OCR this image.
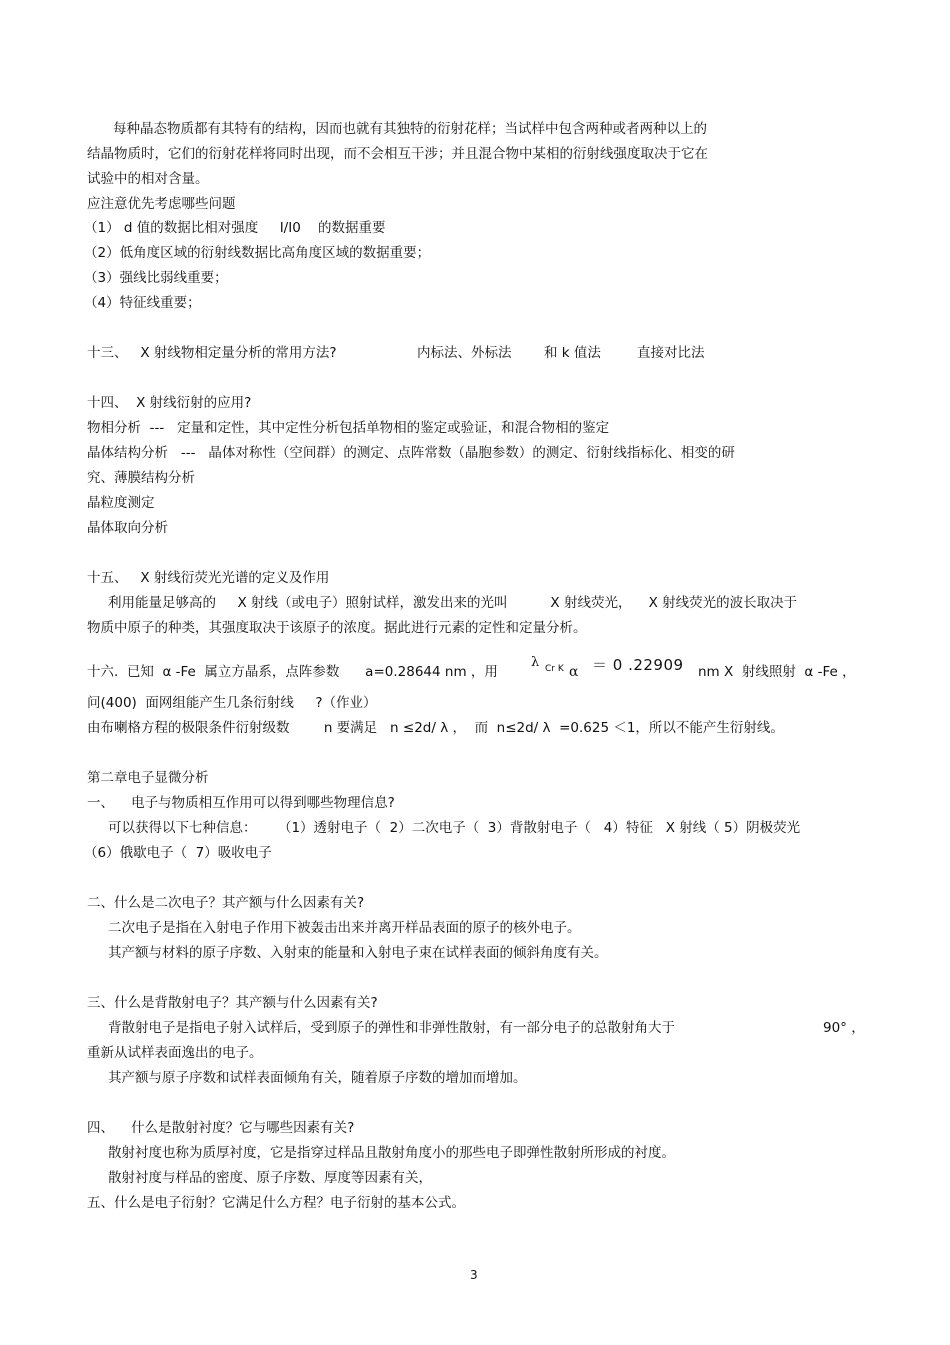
每种晶态物质都有其特有的结构，因而也就有其独特的衍射花样；当试样中包含两种或者两种以上的
结晶物质时，它们的衍射花样将同时出现，而不会相互干涉；并且混合物中某相的衍射线强度取决于它在
试验中的相对含量。
应注意优先考虑哪些问题
（1） d 值的数据比相对强度     I/I0    的数据重要
（2）低角度区域的衍射线数据比高角度区域的数据重要；
（3）强线比弱线重要；
（4）特征线重要；
十三、   X 射线物相定量分析的常用方法?	内标法、外标法 和 k 值法	直接对比法
十四、  X 射线衍射的应用?
物相分析  ---   定量和定性，其中定性分析包括单物相的鉴定或验证，和混合物相的鉴定
晶体结构分析   ---   晶体对称性（空间群）的测定、点阵常数（晶胞参数）的测定、衍射线指标化、相变的研
究、薄膜结构分析
晶粒度测定
晶体取向分析
十五、   X 射线衍荧光光谱的定义及作用
利用能量足够高的     X 射线（或电子）照射试样，激发出来的光叫          X 射线荧光，    X 射线荧光的波长取决于
物质中原子的种类，其强度取决于该原子的浓度。据此进行元素的定性和定量分析。
十六.  已知  α -Fe  属立方晶系，点阵参数      a=0.28644 nm ，用
λ Cr K α ＝ 0 .22909 nm X  射线照射  α -Fe ，
问(400)  面网组能产生几条衍射线     ?（作业）
由布喇格方程的极限条件衍射级数        n 要满足   n ≤2d/ λ ，  而  n≤2d/ λ  =0.625 ＜1，所以不能产生衍射线。
第二章电子显微分析
一、    电子与物质相互作用可以得到哪些物理信息?
可以获得以下七种信息：     （1）透射电子（  2）二次电子（  3）背散射电子（   4）特征   X 射线（ 5）阴极荧光
（6）俄歇电子（  7）吸收电子
二、什么是二次电子？其产额与什么因素有关?
二次电子是指在入射电子作用下被轰击出来并离开样品表面的原子的核外电子。
其产额与材料的原子序数、入射束的能量和入射电子束在试样表面的倾斜角度有关。
三、什么是背散射电子？其产额与什么因素有关?
背散射电子是指电子射入试样后，受到原子的弹性和非弹性散射，有一部分电子的总散射角大于	90° ，
重新从试样表面逸出的电子。
其产额与原子序数和试样表面倾角有关，随着原子序数的增加而增加。
四、    什么是散射衬度？它与哪些因素有关?
散射衬度也称为质厚衬度，它是指穿过样品且散射角度小的那些电子即弹性散射所形成的衬度。
散射衬度与样品的密度、原子序数、厚度等因素有关，
五、什么是电子衍射？它满足什么方程？电子衍射的基本公式。
3
